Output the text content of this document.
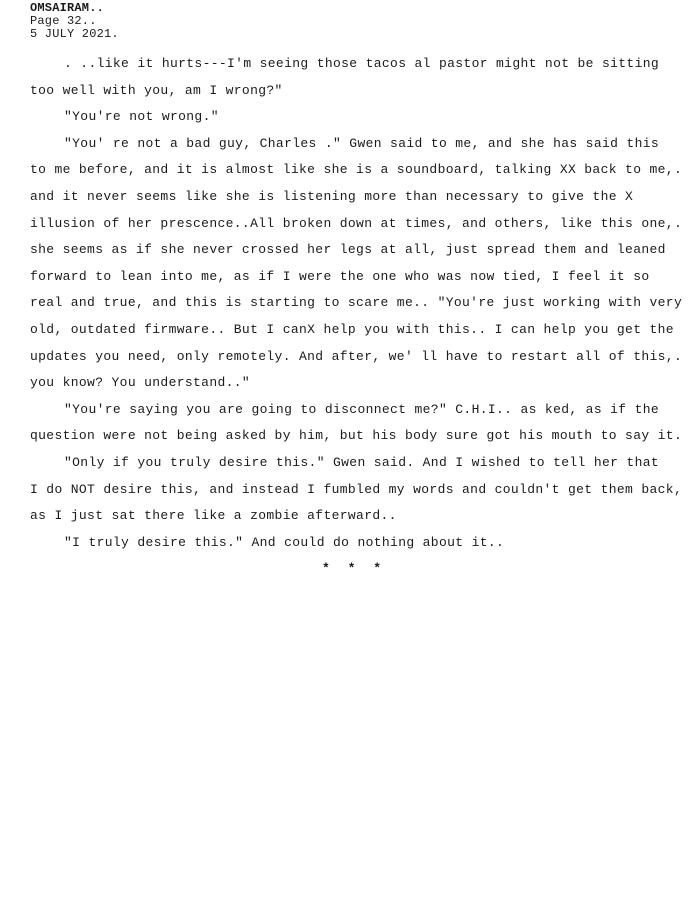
OMSAIRAM..
Page 32..
5 JULY 2021.
. ..like it hurts---I'm seeing those tacos al pastor might not be sitting
too well with you, am I wrong?"
"You're not wrong."
"You' re not a bad guy, Charles ." Gwen said to me, and she has said this
to me before, and it is almost like she is a soundboard, talking XX back to me,.
and it never seems like she is listening more than necessary to give the X
illusion of her prescence..All broken down at times, and others, like this one,.
she seems as if she never crossed her legs at all, just spread them and leaned
forward to lean into me, as if I were the one who was now tied, I feel it so
real and true, and this is starting to scare me.. "You're just working with very
old, outdated firmware.. But I canX help you with this.. I can help you get the
updates you need, only remotely. And after, we' ll have to restart all of this,.
you know? You understand.."
"You're saying you are going to disconnect me?" C.H.I.. as ked, as if the
question were not being asked by him, but his body sure got his mouth to say it.
"Only if you truly desire this." Gwen said. And I wished to tell her that
I do NOT desire this, and instead I fumbled my words and couldn't get them back,
as I just sat there like a zombie afterward..
"I truly desire this." And could do nothing about it..
* * *
